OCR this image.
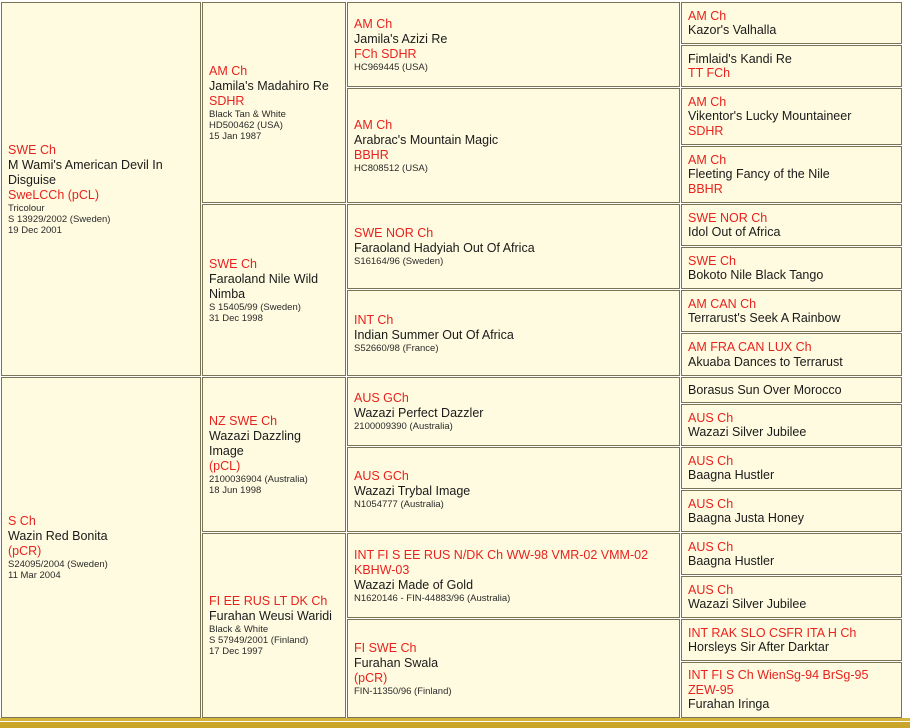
SWE Ch
M Wami's American Devil In Disguise
SweLCCh (pCL)
Tricolour
S 13929/2002 (Sweden)
19 Dec 2001
S Ch
Wazin Red Bonita
(pCR)
S24095/2004 (Sweden)
11 Mar 2004
AM Ch
Jamila's Madahiro Re
SDHR
Black Tan & White
HD500462 (USA)
15 Jan 1987
SWE Ch
Faraoland Nile Wild Nimba
S 15405/99 (Sweden)
31 Dec 1998
NZ SWE Ch
Wazazi Dazzling Image
(pCL)
2100036904 (Australia)
18 Jun 1998
FI EE RUS LT DK Ch
Furahan Weusi Waridi
Black & White
S 57949/2001 (Finland)
17 Dec 1997
AM Ch
Jamila's Azizi Re
FCh SDHR
HC969445 (USA)
AM Ch
Arabrac's Mountain Magic
BBHR
HC808512 (USA)
SWE NOR Ch
Faraoland Hadyiah Out Of Africa
S16164/96 (Sweden)
INT Ch
Indian Summer Out Of Africa
S52660/98 (France)
AUS GCh
Wazazi Perfect Dazzler
2100009390 (Australia)
AUS GCh
Wazazi Trybal Image
N1054777 (Australia)
INT FI S EE RUS N/DK Ch WW-98 VMR-02 VMM-02 KBHW-03
Wazazi Made of Gold
N1620146 - FIN-44883/96 (Australia)
FI SWE Ch
Furahan Swala
(pCR)
FIN-11350/96 (Finland)
AM Ch
Kazor's Valhalla
Fimlaid's Kandi Re
TT FCh
AM Ch
Vikentor's Lucky Mountaineer
SDHR
AM Ch
Fleeting Fancy of the Nile
BBHR
SWE NOR Ch
Idol Out of Africa
SWE Ch
Bokoto Nile Black Tango
AM CAN Ch
Terrarust's Seek A Rainbow
AM FRA CAN LUX Ch
Akuaba Dances to Terrarust
Borasus Sun Over Morocco
AUS Ch
Wazazi Silver Jubilee
AUS Ch
Baagna Hustler
AUS Ch
Baagna Justa Honey
AUS Ch
Baagna Hustler
AUS Ch
Wazazi Silver Jubilee
INT RAK SLO CSFR ITA H Ch
Horsleys Sir After Darktar
INT FI S Ch WienSg-94 BrSg-95 ZEW-95
Furahan Iringa
